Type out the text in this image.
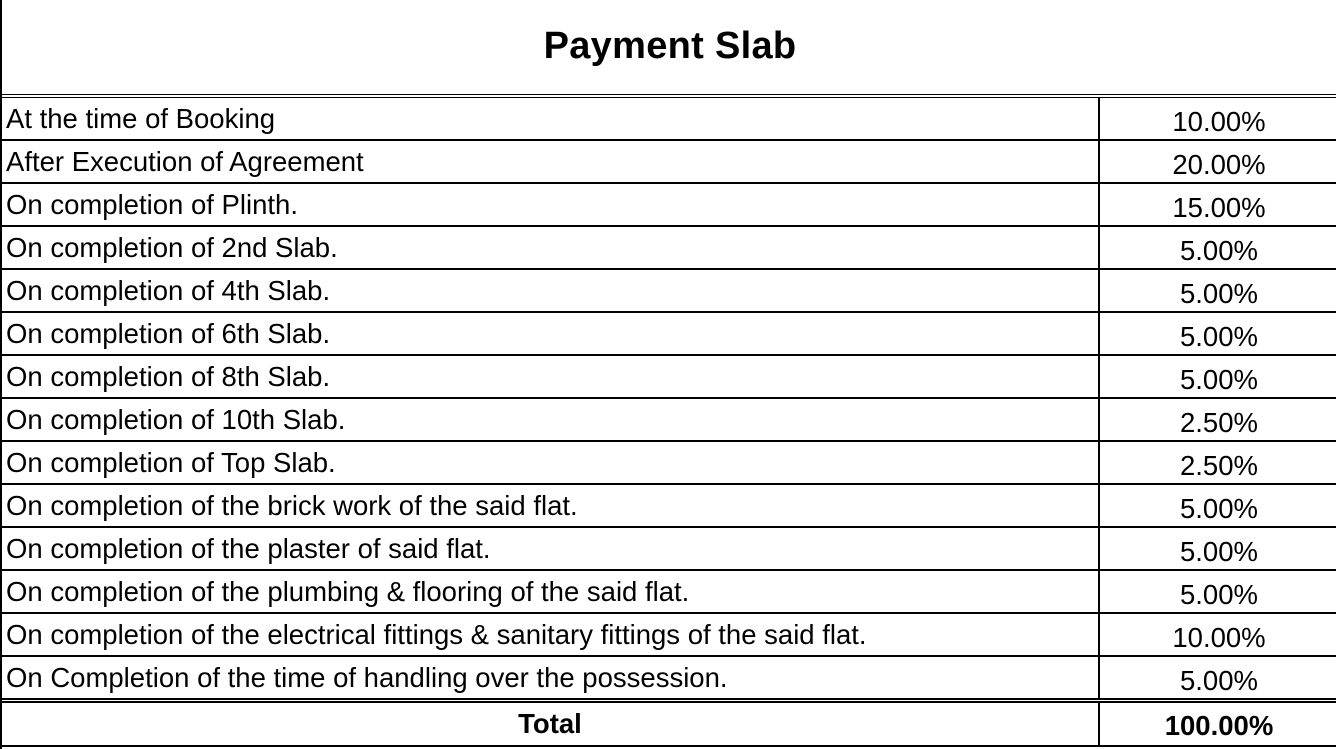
Payment Slab
At the time of Booking	10.00%
After Execution of Agreement	20.00%
On completion of Plinth.	15.00%
On completion of 2nd Slab.	5.00%
On completion of 4th Slab.	5.00%
On completion of 6th Slab.	5.00%
On completion of 8th Slab.	5.00%
On completion of 10th Slab.	2.50%
On completion of Top Slab.	2.50%
On completion of the brick work of the said flat.	5.00%
On completion of the plaster of said flat.	5.00%
On completion of the plumbing & flooring of the said flat.	5.00%
On completion of the electrical fittings & sanitary fittings of the said flat.	10.00%
On Completion of the time of handling over the possession.	5.00%
Total	100.00%
